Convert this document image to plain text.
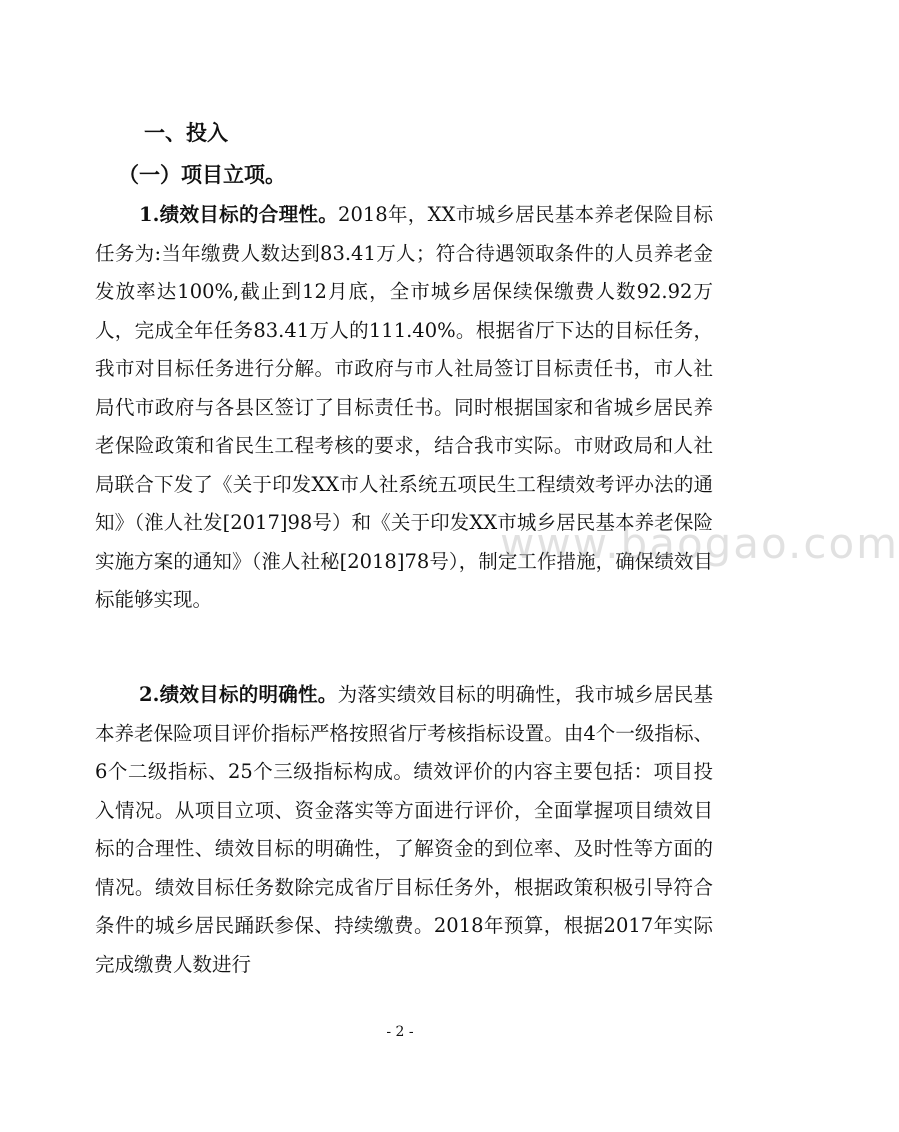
一、投入
（一）项目立项。
1.绩效目标的合理性。2018年，XX市城乡居民基本养老保险目标任务为:当年缴费人数达到83.41万人；符合待遇领取条件的人员养老金发放率达100%,截止到12月底，全市城乡居保续保缴费人数92.92万人，完成全年任务83.41万人的111.40%。根据省厅下达的目标任务，我市对目标任务进行分解。市政府与市人社局签订目标责任书，市人社局代市政府与各县区签订了目标责任书。同时根据国家和省城乡居民养老保险政策和省民生工程考核的要求，结合我市实际。市财政局和人社局联合下发了《关于印发XX市人社系统五项民生工程绩效考评办法的通知》（淮人社发[2017]98号）和《关于印发XX市城乡居民基本养老保险实施方案的通知》（淮人社秘[2018]78号），制定工作措施，确保绩效目标能够实现。
2.绩效目标的明确性。为落实绩效目标的明确性，我市城乡居民基本养老保险项目评价指标严格按照省厅考核指标设置。由4个一级指标、6个二级指标、25个三级指标构成。绩效评价的内容主要包括：项目投入情况。从项目立项、资金落实等方面进行评价，全面掌握项目绩效目标的合理性、绩效目标的明确性，了解资金的到位率、及时性等方面的情况。绩效目标任务数除完成省厅目标任务外，根据政策积极引导符合条件的城乡居民踊跃参保、持续缴费。2018年预算，根据2017年实际完成缴费人数进行
www.baogao.com
- 2 -
